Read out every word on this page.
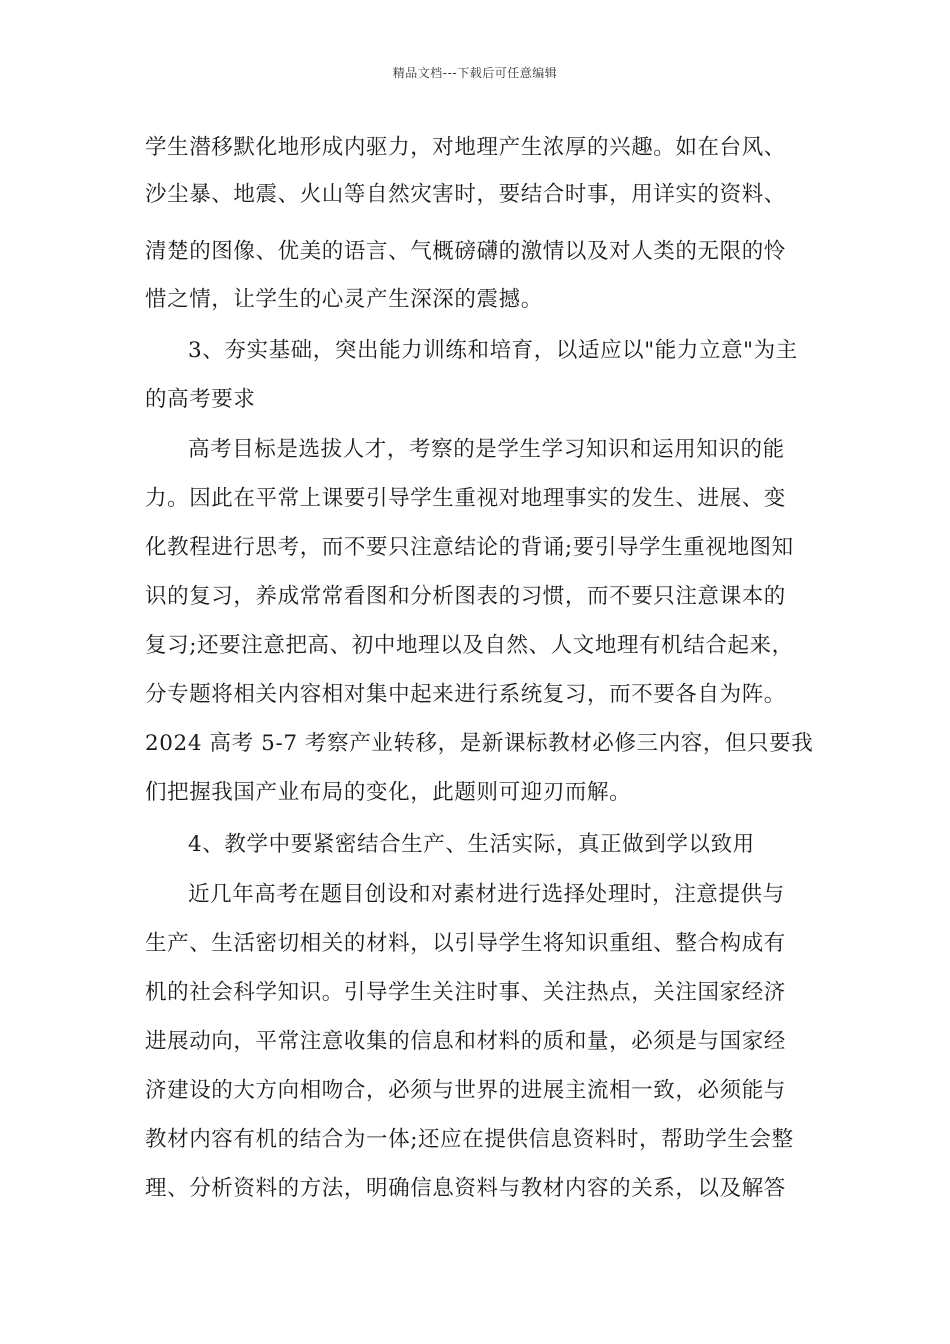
精品文档---下载后可任意编辑
学生潜移默化地形成内驱力，对地理产生浓厚的兴趣。如在台风、
沙尘暴、地震、火山等自然灾害时，要结合时事，用详实的资料、
清楚的图像、优美的语言、气概磅礴的激情以及对人类的无限的怜
惜之情，让学生的心灵产生深深的震撼。
3、夯实基础，突出能力训练和培育，以适应以"能力立意"为主
的高考要求
高考目标是选拔人才，考察的是学生学习知识和运用知识的能
力。因此在平常上课要引导学生重视对地理事实的发生、进展、变
化教程进行思考，而不要只注意结论的背诵;要引导学生重视地图知
识的复习，养成常常看图和分析图表的习惯，而不要只注意课本的
复习;还要注意把高、初中地理以及自然、人文地理有机结合起来，
分专题将相关内容相对集中起来进行系统复习，而不要各自为阵。
2024 高考 5-7 考察产业转移，是新课标教材必修三内容，但只要我
们把握我国产业布局的变化，此题则可迎刃而解。
4、教学中要紧密结合生产、生活实际，真正做到学以致用
近几年高考在题目创设和对素材进行选择处理时，注意提供与
生产、生活密切相关的材料，以引导学生将知识重组、整合构成有
机的社会科学知识。引导学生关注时事、关注热点，关注国家经济
进展动向，平常注意收集的信息和材料的质和量，必须是与国家经
济建设的大方向相吻合，必须与世界的进展主流相一致，必须能与
教材内容有机的结合为一体;还应在提供信息资料时，帮助学生会整
理、分析资料的方法，明确信息资料与教材内容的关系，以及解答
